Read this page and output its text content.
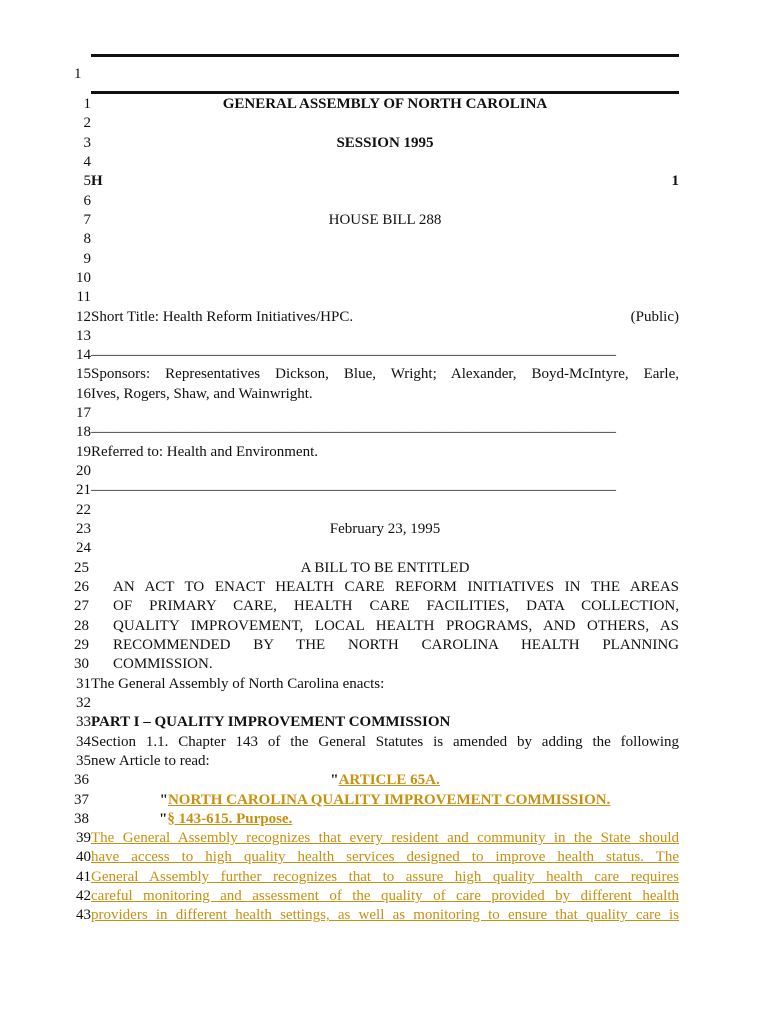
1
1	GENERAL ASSEMBLY OF NORTH CAROLINA
2
3	SESSION 1995
4
5 H	1
6
7	HOUSE BILL 288
8
9
10
11
12 Short Title: Health Reform Initiatives/HPC.	(Public)
13
14 ———————————————————————————————————
15 Sponsors: Representatives Dickson, Blue, Wright; Alexander, Boyd-McIntyre, Earle,
16 Ives, Rogers, Shaw, and Wainwright.
17
18 ———————————————————————————————————
19 Referred to: Health and Environment.
20
21 ———————————————————————————————————
22
23	February 23, 1995
24
25	A BILL TO BE ENTITLED
26	AN ACT TO ENACT HEALTH CARE REFORM INITIATIVES IN THE AREAS
27	OF PRIMARY CARE, HEALTH CARE FACILITIES, DATA COLLECTION,
28	QUALITY IMPROVEMENT, LOCAL HEALTH PROGRAMS, AND OTHERS, AS
29	RECOMMENDED BY THE NORTH CAROLINA HEALTH PLANNING
30	COMMISSION.
31 The General Assembly of North Carolina enacts:
32
33 PART I – QUALITY IMPROVEMENT COMMISSION
34 Section 1.1. Chapter 143 of the General Statutes is amended by adding the following
35 new Article to read:
36	"ARTICLE 65A.
37	"NORTH CAROLINA QUALITY IMPROVEMENT COMMISSION.
38	"§ 143-615. Purpose.
39 The General Assembly recognizes that every resident and community in the State should
40 have access to high quality health services designed to improve health status. The
41 General Assembly further recognizes that to assure high quality health care requires
42 careful monitoring and assessment of the quality of care provided by different health
43 providers in different health settings, as well as monitoring to ensure that quality care is
